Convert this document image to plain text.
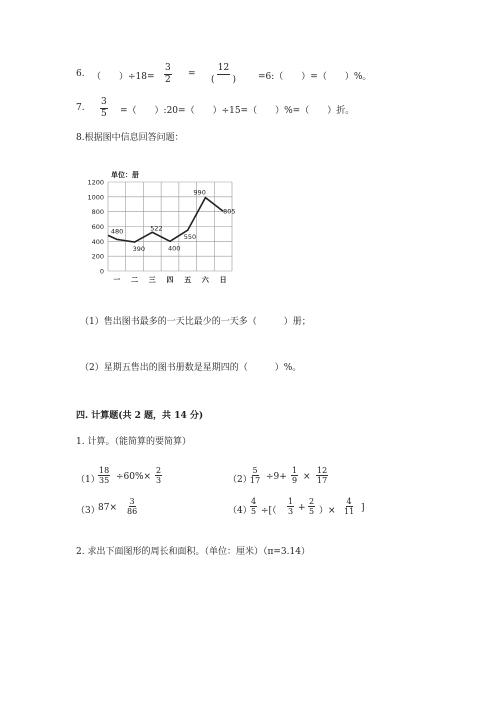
6. （　　）$\div 18= \frac{3}{2}$ =
12
(　　) =6:（　　）=（　　）%。
7. $\frac{3}{5}$ =（　　）:20=（　　）÷15=（　　）%=（　　）折。
8.根据图中信息回答问题：
单位：册
0
200
400
600
800
1000
1200
一 二 三 四 五 六 日
480
390
522
400
550
990
805
（1）售出图书最多的一天比最少的一天多（　　　）册；
（2）星期五售出的图书册数是星期四的（　　　）%。
四. 计算题(共 2 题，共 14 分)
1. 计算。（能简算的要简算）
（1）
$\frac{18}{35} \div 60\%\times \frac{2}{3}$	（2）
$\frac{5}{17} \div 9+ \frac{1}{9} \times \frac{12}{17}$
（3）
$87\times \frac{3}{86}$	（4）
$\frac{4}{5}$ ÷[（ $\frac{1}{3} + \frac{2}{5}$ ）× $\frac{4}{11}$ ]
2. 求出下面图形的周长和面积。（单位：厘米）（π=3.14）
